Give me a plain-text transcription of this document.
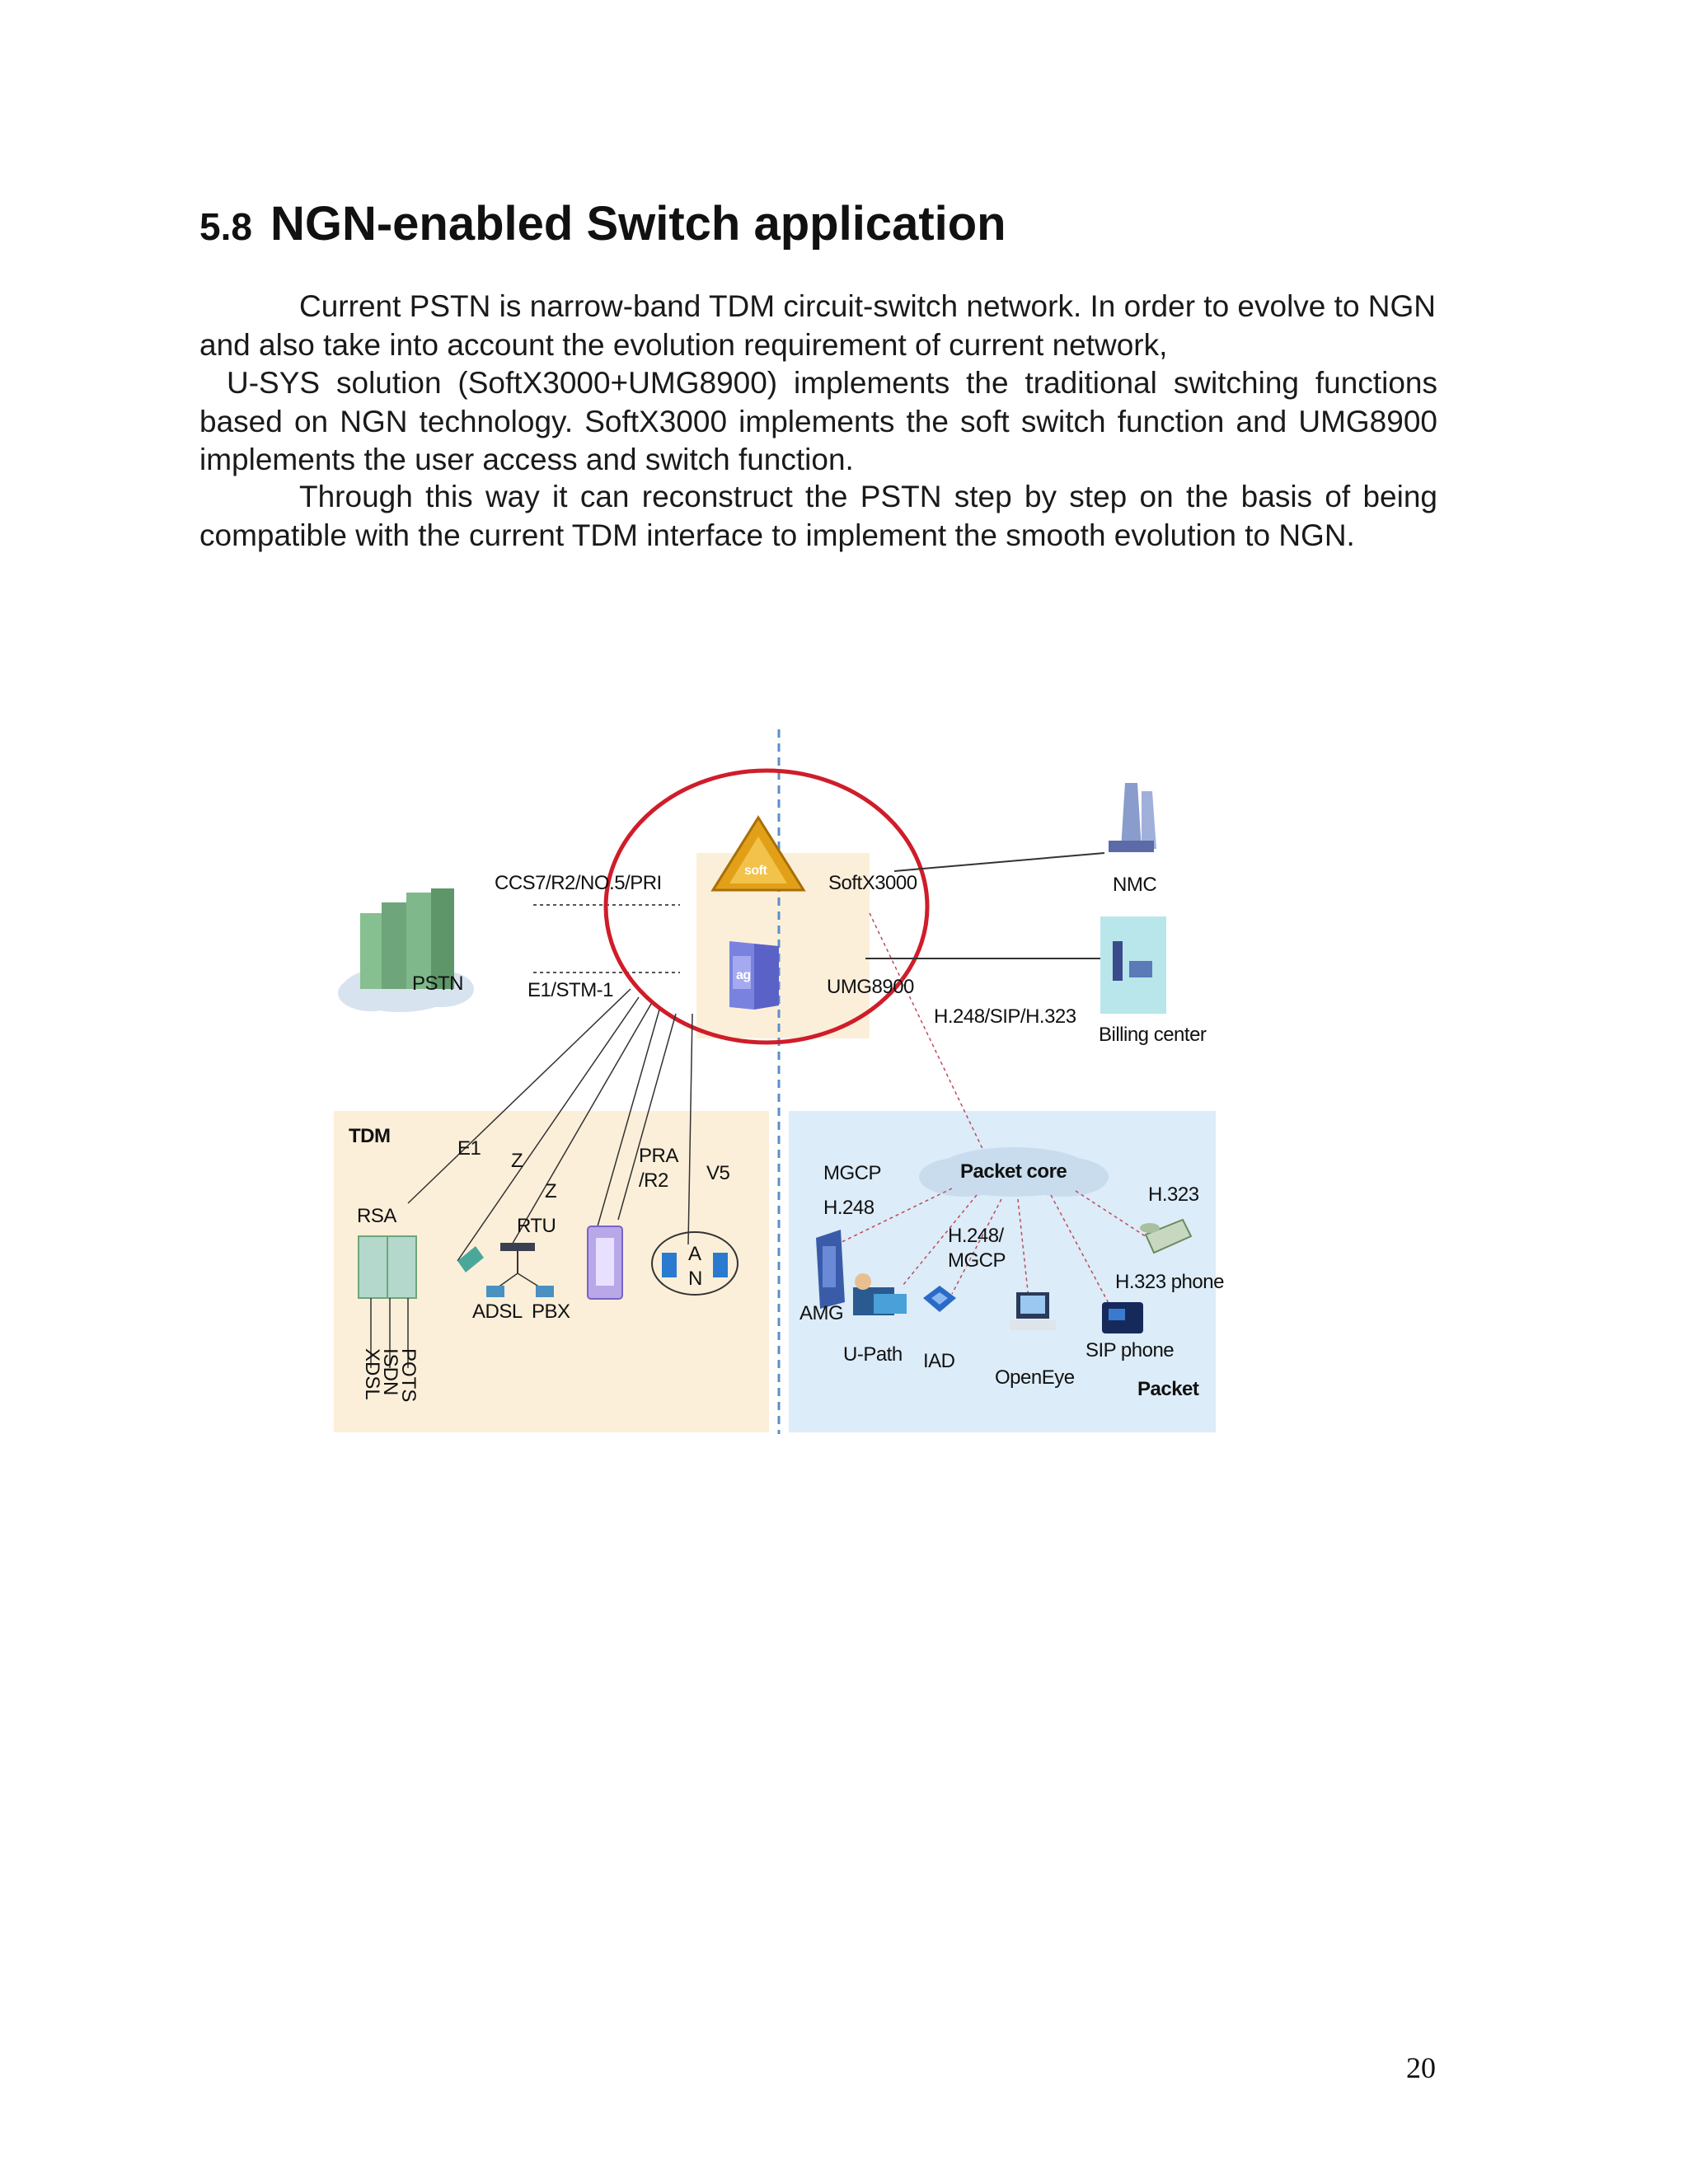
5.8 NGN-enabled Switch application

Current PSTN is narrow-band TDM circuit-switch network. In order to evolve to NGN and also take into account the evolution requirement of current network,

U-SYS solution (SoftX3000+UMG8900) implements the traditional switching functions based on NGN technology. SoftX3000 implements the soft switch function and UMG8900 implements the user access and switch function.

Through this way it can reconstruct the PSTN step by step on the basis of being compatible with the current TDM interface to implement the smooth evolution to NGN.

CCS7/R2/NO.5/PRI
E1/STM-1
soft
ag
SoftX3000
UMG8900
H.248/SIP/H.323
PSTN
NMC
Billing center
TDM
E1
Z
Z
PRA
/R2	V5
RSA	RTU
ADSL PBX
A
N
XDSL
ISDN
POTS
Packet core
MGCP
H.248
H.248/
MGCP
H.323
AMG
U-Path IAD
OpenEye
SIP phone
H.323 phone
Packet
20
